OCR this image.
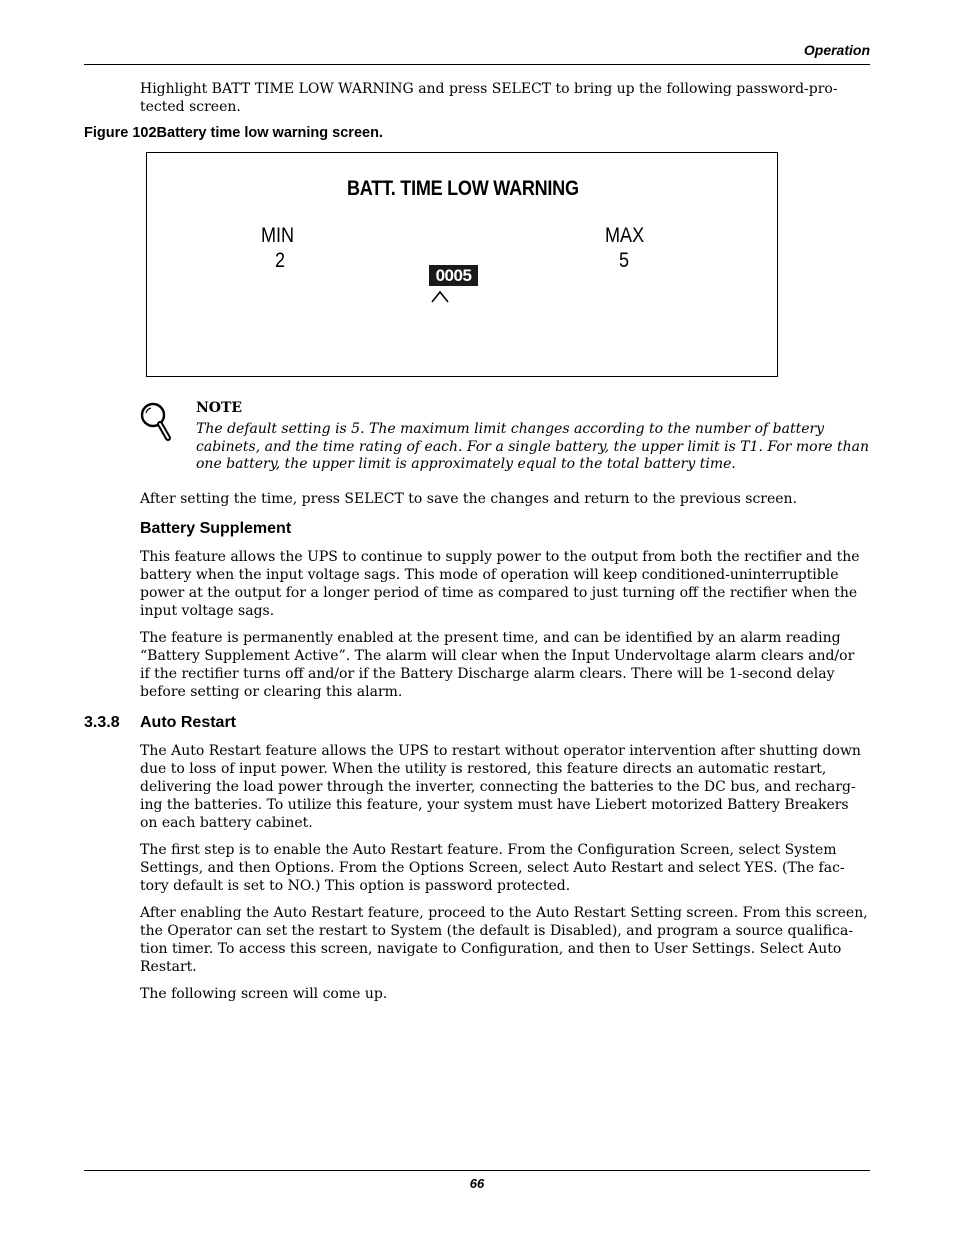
Operation

Highlight BATT TIME LOW WARNING and press SELECT to bring up the following password-pro- tected screen.

Figure 102Battery time low warning screen.
BATT. TIME LOW WARNING
MIN
2
MAX
5
0005
NOTE

The default setting is 5. The maximum limit changes according to the number of battery cabinets, and the time rating of each. For a single battery, the upper limit is T1. For more than one battery, the upper limit is approximately equal to the total battery time.

After setting the time, press SELECT to save the changes and return to the previous screen.

Battery Supplement

This feature allows the UPS to continue to supply power to the output from both the rectifier and the battery when the input voltage sags. This mode of operation will keep conditioned-uninterruptible power at the output for a longer period of time as compared to just turning off the rectifier when the input voltage sags.

The feature is permanently enabled at the present time, and can be identified by an alarm reading “Battery Supplement Active”. The alarm will clear when the Input Undervoltage alarm clears and/or if the rectifier turns off and/or if the Battery Discharge alarm clears. There will be 1-second delay before setting or clearing this alarm.

3.3.8 Auto Restart

The Auto Restart feature allows the UPS to restart without operator intervention after shutting down due to loss of input power. When the utility is restored, this feature directs an automatic restart, delivering the load power through the inverter, connecting the batteries to the DC bus, and recharg- ing the batteries. To utilize this feature, your system must have Liebert motorized Battery Breakers on each battery cabinet.

The first step is to enable the Auto Restart feature. From the Configuration Screen, select System Settings, and then Options. From the Options Screen, select Auto Restart and select YES. (The fac- tory default is set to NO.) This option is password protected.

After enabling the Auto Restart feature, proceed to the Auto Restart Setting screen. From this screen, the Operator can set the restart to System (the default is Disabled), and program a source qualifica- tion timer. To access this screen, navigate to Configuration, and then to User Settings. Select Auto Restart.

The following screen will come up.

66
